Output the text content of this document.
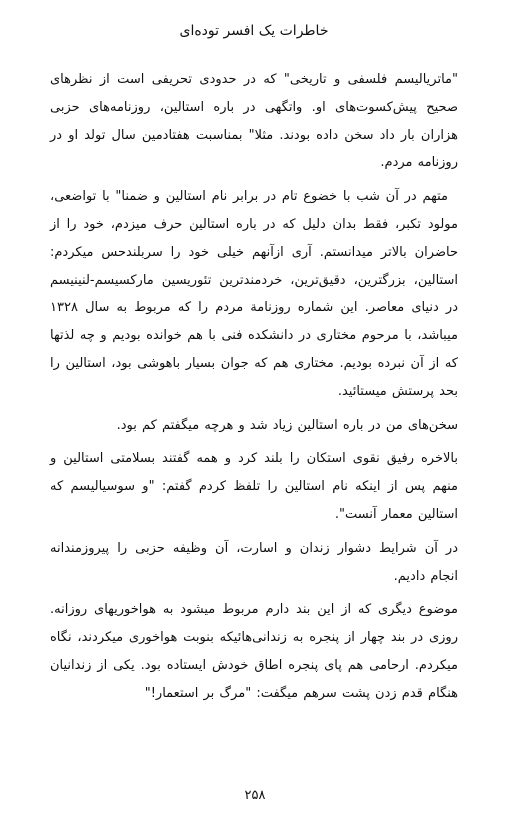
خاطرات یک افسر توده‌ای

"ماتریالیسم فلسفی و تاریخی" که در حدودی تحریفی است از نظرهای صحیح پیش‌کسوت‌های او. واتگهی در باره استالین، روزنامه‌های حزبی هزاران بار داد سخن داده بودند. مثلا" بمناسبت هفتادمین سال تولد او در روزنامه مردم.

متهم در آن شب با خضوع تام در برابر نام استالین و ضمنا" با تواضعی، مولود تکبر، فقط بدان دلیل که در باره استالین حرف میزدم، خود را از حاضران بالاتر میدانستم. آری ازآنهم خیلی خود را سربلندحس میکردم: استالین، بزرگترین، دقیق‌ترین، خردمندترین تئوریسین مارکسیسم-لنینیسم در دنیای معاصر. این شماره روزنامة مردم را که مربوط به سال ۱۳۲۸ میباشد، با مرحوم مختاری در دانشکده فنی با هم خوانده بودیم و چه لذتها که از آن نبرده بودیم. مختاری هم که جوان بسیار باهوشی بود، استالین را بحد پرستش میستائید.

سخن‌های من در باره استالین زیاد شد و هرچه میگفتم کم بود.

بالاخره رفیق نقوی استکان را بلند کرد و همه گفتند بسلامتی استالین و منهم پس از اینکه نام استالین را تلفظ کردم گفتم: "و سوسیالیسم که استالین معمار آنست".

در آن شرایط دشوار زندان و اسارت، آن وظیفه حزبی را پیروزمندانه انجام دادیم.

موضوع دیگری که از این بند دارم مربوط میشود به هواخوریهای روزانه. روزی در بند چهار از پنجره به زندانی‌هائیکه بنوبت هواخوری میکردند، نگاه میکردم. ارحامی هم پای پنجره اطاق خودش ایستاده بود. یکی از زندانیان هنگام قدم زدن پشت سرهم میگفت: "مرگ بر استعمار!"

۲۵۸
